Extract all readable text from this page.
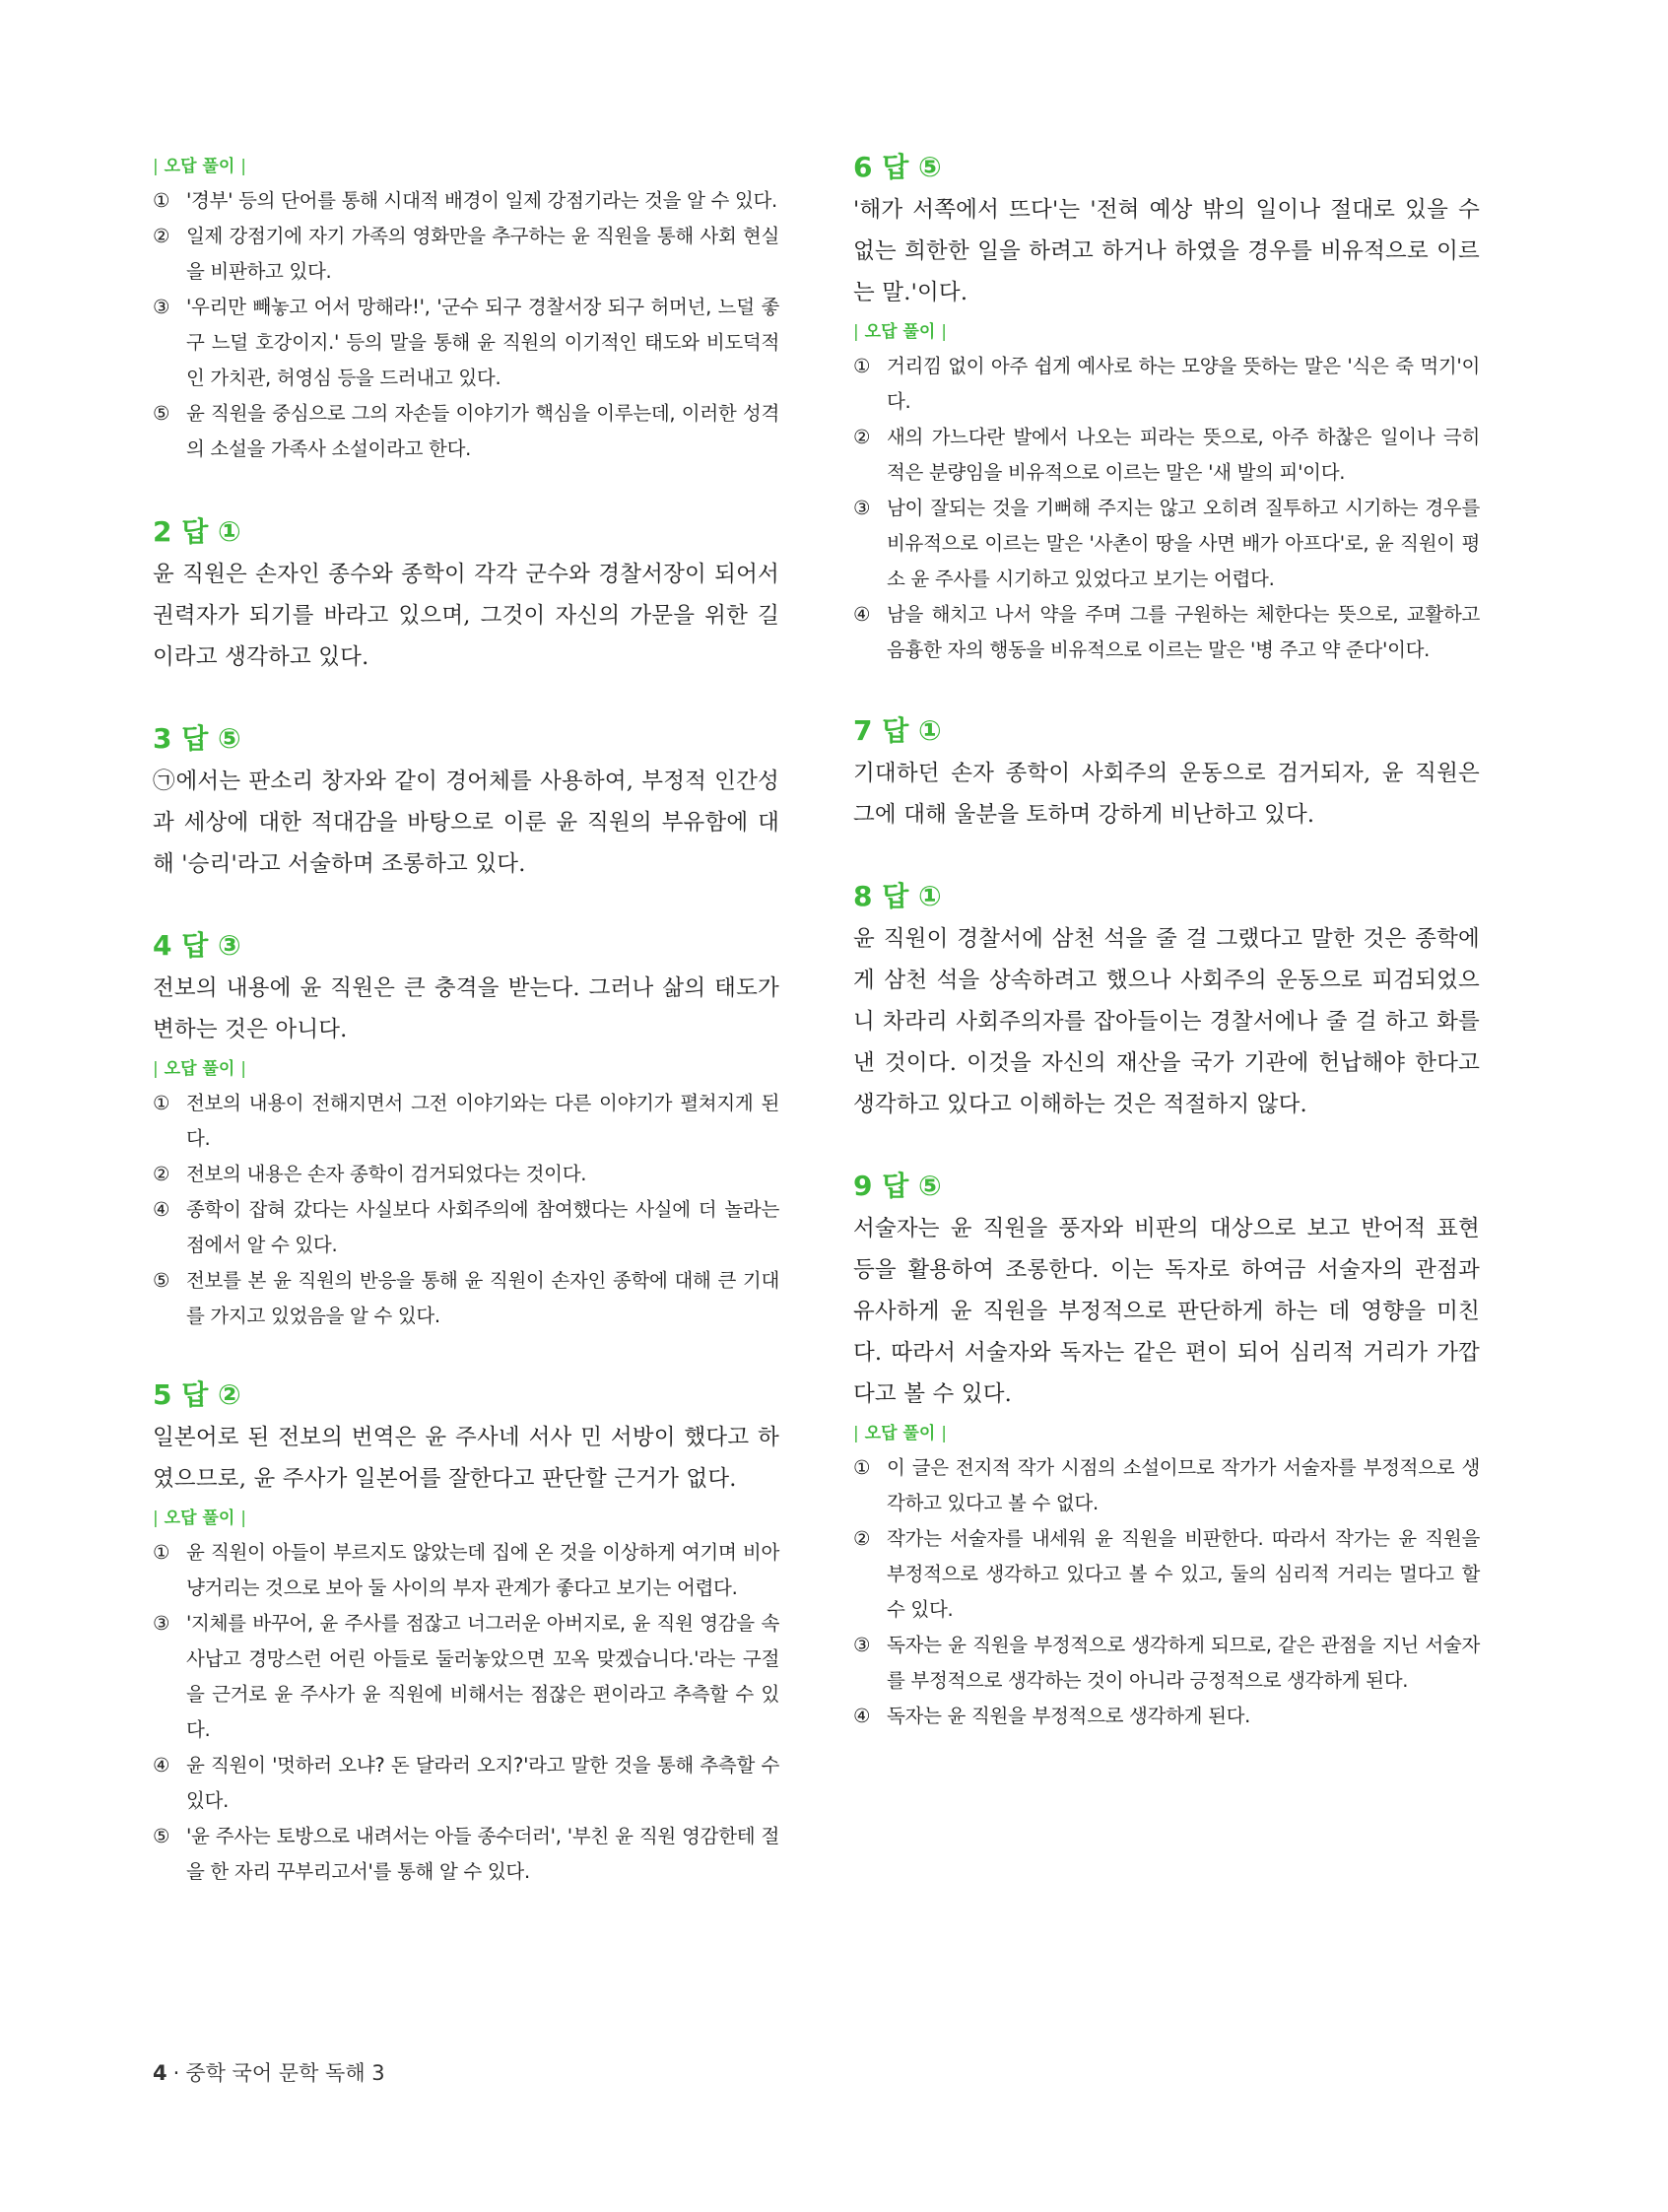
| 오답 풀이 |
① '경부' 등의 단어를 통해 시대적 배경이 일제 강점기라는 것을 알 수 있다.
② 일제 강점기에 자기 가족의 영화만을 추구하는 윤 직원을 통해 사회 현실을 비판하고 있다.
③ '우리만 빼놓고 어서 망해라!', '군수 되구 경찰서장 되구 허머넌, 느덜 좋구 느덜 호강이지.' 등의 말을 통해 윤 직원의 이기적인 태도와 비도덕적인 가치관, 허영심 등을 드러내고 있다.
⑤ 윤 직원을 중심으로 그의 자손들 이야기가 핵심을 이루는데, 이러한 성격의 소설을 가족사 소설이라고 한다.
2 답 ①

윤 직원은 손자인 종수와 종학이 각각 군수와 경찰서장이 되어서 권력자가 되기를 바라고 있으며, 그것이 자신의 가문을 위한 길이라고 생각하고 있다.

3 답 ⑤

㉠에서는 판소리 창자와 같이 경어체를 사용하여, 부정적 인간성과 세상에 대한 적대감을 바탕으로 이룬 윤 직원의 부유함에 대해 '승리'라고 서술하며 조롱하고 있다.

4 답 ③

전보의 내용에 윤 직원은 큰 충격을 받는다. 그러나 삶의 태도가 변하는 것은 아니다.

| 오답 풀이 |
① 전보의 내용이 전해지면서 그전 이야기와는 다른 이야기가 펼쳐지게 된다.
② 전보의 내용은 손자 종학이 검거되었다는 것이다.
④ 종학이 잡혀 갔다는 사실보다 사회주의에 참여했다는 사실에 더 놀라는 점에서 알 수 있다.
⑤ 전보를 본 윤 직원의 반응을 통해 윤 직원이 손자인 종학에 대해 큰 기대를 가지고 있었음을 알 수 있다.
5 답 ②

일본어로 된 전보의 번역은 윤 주사네 서사 민 서방이 했다고 하였으므로, 윤 주사가 일본어를 잘한다고 판단할 근거가 없다.

| 오답 풀이 |
① 윤 직원이 아들이 부르지도 않았는데 집에 온 것을 이상하게 여기며 비아냥거리는 것으로 보아 둘 사이의 부자 관계가 좋다고 보기는 어렵다.
③ '지체를 바꾸어, 윤 주사를 점잖고 너그러운 아버지로, 윤 직원 영감을 속 사납고 경망스런 어린 아들로 둘러놓았으면 꼬옥 맞겠습니다.'라는 구절을 근거로 윤 주사가 윤 직원에 비해서는 점잖은 편이라고 추측할 수 있다.
④ 윤 직원이 '멋하러 오냐? 돈 달라러 오지?'라고 말한 것을 통해 추측할 수 있다.
⑤ '윤 주사는 토방으로 내려서는 아들 종수더러', '부친 윤 직원 영감한테 절을 한 자리 꾸부리고서'를 통해 알 수 있다.
6 답 ⑤

'해가 서쪽에서 뜨다'는 '전혀 예상 밖의 일이나 절대로 있을 수 없는 희한한 일을 하려고 하거나 하였을 경우를 비유적으로 이르는 말.'이다.

| 오답 풀이 |
① 거리낌 없이 아주 쉽게 예사로 하는 모양을 뜻하는 말은 '식은 죽 먹기'이다.
② 새의 가느다란 발에서 나오는 피라는 뜻으로, 아주 하찮은 일이나 극히 적은 분량임을 비유적으로 이르는 말은 '새 발의 피'이다.
③ 남이 잘되는 것을 기뻐해 주지는 않고 오히려 질투하고 시기하는 경우를 비유적으로 이르는 말은 '사촌이 땅을 사면 배가 아프다'로, 윤 직원이 평소 윤 주사를 시기하고 있었다고 보기는 어렵다.
④ 남을 해치고 나서 약을 주며 그를 구원하는 체한다는 뜻으로, 교활하고 음흉한 자의 행동을 비유적으로 이르는 말은 '병 주고 약 준다'이다.
7 답 ①

기대하던 손자 종학이 사회주의 운동으로 검거되자, 윤 직원은 그에 대해 울분을 토하며 강하게 비난하고 있다.

8 답 ①

윤 직원이 경찰서에 삼천 석을 줄 걸 그랬다고 말한 것은 종학에게 삼천 석을 상속하려고 했으나 사회주의 운동으로 피검되었으니 차라리 사회주의자를 잡아들이는 경찰서에나 줄 걸 하고 화를 낸 것이다. 이것을 자신의 재산을 국가 기관에 헌납해야 한다고 생각하고 있다고 이해하는 것은 적절하지 않다.

9 답 ⑤

서술자는 윤 직원을 풍자와 비판의 대상으로 보고 반어적 표현 등을 활용하여 조롱한다. 이는 독자로 하여금 서술자의 관점과 유사하게 윤 직원을 부정적으로 판단하게 하는 데 영향을 미친다. 따라서 서술자와 독자는 같은 편이 되어 심리적 거리가 가깝다고 볼 수 있다.

| 오답 풀이 |
① 이 글은 전지적 작가 시점의 소설이므로 작가가 서술자를 부정적으로 생각하고 있다고 볼 수 없다.
② 작가는 서술자를 내세워 윤 직원을 비판한다. 따라서 작가는 윤 직원을 부정적으로 생각하고 있다고 볼 수 있고, 둘의 심리적 거리는 멀다고 할 수 있다.
③ 독자는 윤 직원을 부정적으로 생각하게 되므로, 같은 관점을 지닌 서술자를 부정적으로 생각하는 것이 아니라 긍정적으로 생각하게 된다.
④ 독자는 윤 직원을 부정적으로 생각하게 된다.
4 · 중학 국어 문학 독해 3
